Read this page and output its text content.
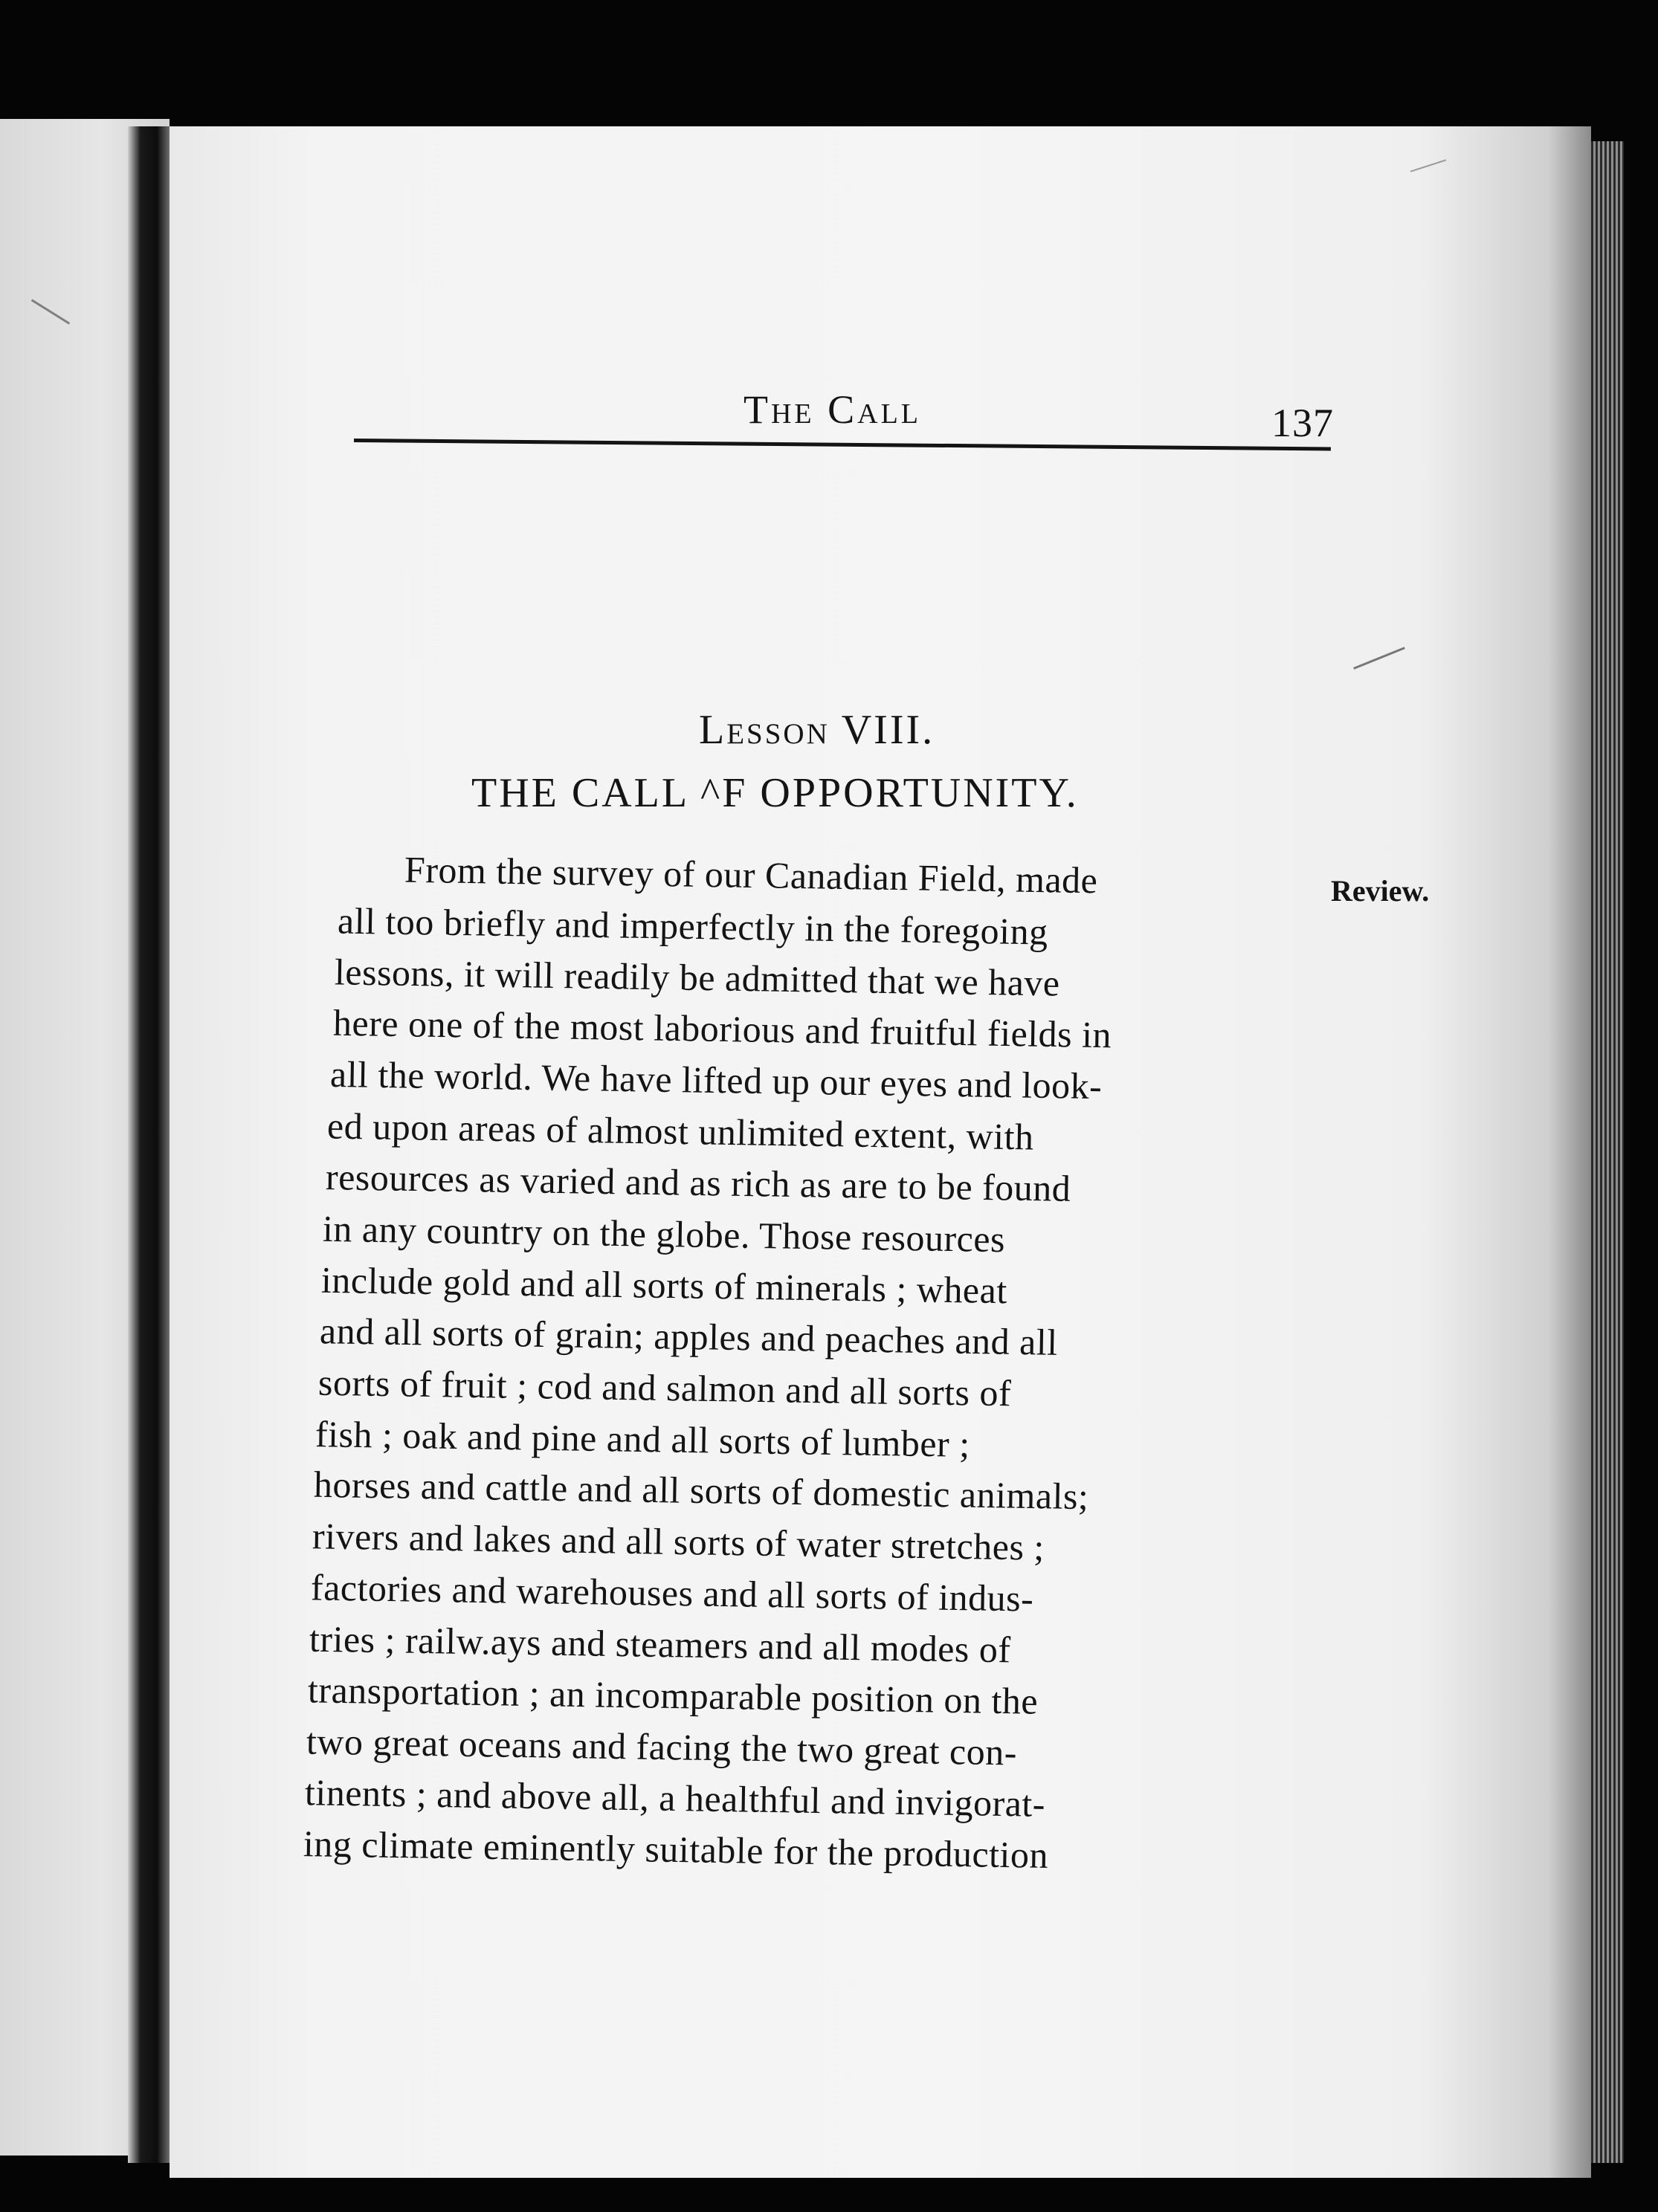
The Call	137
Lesson VIII.
THE CALL ^F OPPORTUNITY.
Review.
From the survey of our Canadian Field, made
all too briefly and imperfectly in the foregoing
lessons, it will readily be admitted that we have
here one of the most laborious and fruitful fields in
all the world. We have lifted up our eyes and look-
ed upon areas of almost unlimited extent, with
resources as varied and as rich as are to be found
in any country on the globe. Those resources
include gold and all sorts of minerals ; wheat
and all sorts of grain; apples and peaches and all
sorts of fruit ; cod and salmon and all sorts of
fish ; oak and pine and all sorts of lumber ;
horses and cattle and all sorts of domestic animals;
rivers and lakes and all sorts of water stretches ;
factories and warehouses and all sorts of indus-
tries ; railw.ays and steamers and all modes of
transportation ; an incomparable position on the
two great oceans and facing the two great con-
tinents ; and above all, a healthful and invigorat-
ing climate eminently suitable for the production
